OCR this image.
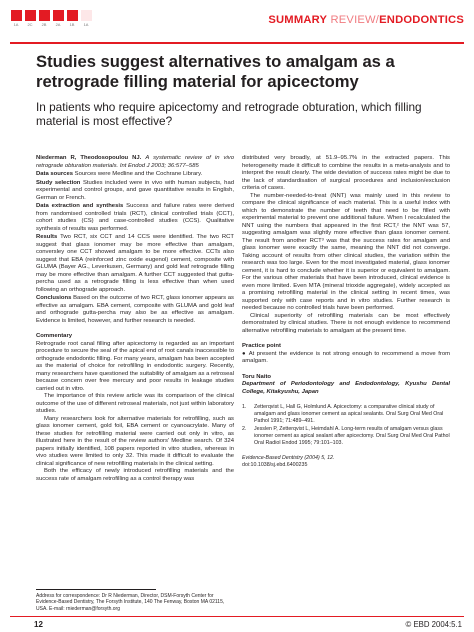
1A 2C 2B 2A 1B 1A	SUMMARY REVIEW/ENDODONTICS
Studies suggest alternatives to amalgam as a retrograde filling material for apicectomy
In patients who require apicectomy and retrograde obturation, which filling material is most effective?

Niederman R, Theodosopoulou NJ. A systematic review of in vivo retrograde obturation materials. Int Endod J 2003; 36:577–585

Data sources Sources were Medline and the Cochrane Library.

Study selection Studies included were in vivo with human subjects, had experimental and control groups, and gave quantitative results in English, German or French.

Data extraction and synthesis Success and failure rates were derived from randomised controlled trials (RCT), clinical controlled trials (CCT), cohort studies (CS) and case-controlled studies (CCS). Qualitative synthesis of results was performed.

Results Two RCT, six CCT and 14 CCS were identified. The two RCT suggest that glass ionomer may be more effective than amalgam, conversley one CCT showed amalgam to be more effective. CCTs also suggest that EBA (reinforced zinc oxide eugenol) cement, composite with GLUMA (Bayer AG., Leverkusen, Germany) and gold leaf retrograde filling may be more effective than amalgam. A further CCT suggested that gutta-percha used as a retrograde filling is less effective than when used following an orthograde approach.

Conclusions Based on the outcome of two RCT, glass ionomer appears as effective as amalgam. EBA cement, composite with GLUMA and gold leaf and orthograde gutta-percha may also be as effective as amalgam. Evidence is limited, however, and further research is needed.

Commentary

Retrograde root canal filling after apicectomy is regarded as an important procedure to secure the seal of the apical end of root canals inaccessible to orthograde endodontic filling. For many years, amalgam has been accepted as the material of choice for retrofilling in endodontic surgery. Recently, many researchers have questioned the suitability of amalgam as a retroseal because concern over free mercury and poor results in leakage studies carried out in vitro.

The importance of this review article was its comparison of the clinical outcome of the use of different retroseal materials, not just within laboratory studies.

Many researchers look for alternative materials for retrofilling, such as glass ionomer cement, gold foil, EBA cement or cyanoacrylate. Many of these studies for retrofilling material were carried out only in vitro, as illustrated here in the result of the review authors' Medline search. Of 324 papers initially identified, 108 papers reported in vitro studies, whereas in vivo studies were limited to only 32. This made it difficult to evaluate the clinical significance of new retrofilling materials in the clinical setting.

Both the efficacy of newly introduced retrofilling materials and the success rate of amalgam retrofilling as a control therapy was

distributed very broadly, at 51.9–95.7% in the extracted papers. This heterogeneity made it difficult to combine the results in a meta-analysis and to interpret the result clearly. The wide deviation of success rates might be due to the lack of standardisation of surgical procedures and inclusion/exclusion criteria of cases.

The number-needed-to-treat (NNT) was mainly used in this review to compare the clinical significance of each material. This is a useful index with which to demonstrate the number of teeth that need to be filled with experimental material to prevent one additional failure. When I recalculated the NNT using the numbers that appeared in the first RCT,² the NNT was 57, suggesting amalgam was slightly more effective than glass ionomer cement. The result from another RCT³ was that the success rates for amalgam and glass ionomer were exactly the same, meaning the NNT did not converge. Taking account of results from other clinical studies, the variation within the research was too large. Even for the most investigated material, glass ionomer cement, it is hard to conclude whether it is superior or equivalent to amalgam. For the various other materials that have been introduced, clinical evidence is even more limited. Even MTA (mineral trioxide aggregate), widely accepted as a promising retrofilling material in the clinical setting in recent times, was supported only with case reports and in vitro studies. Further research is needed because no controlled trials have been performed.

Clinical superiority of retrofilling materials can be most effectively demonstrated by clinical studies. There is not enough evidence to recommend alternative retrofilling materials to amalgam at the present time.

Practice point

● At present the evidence is not strong enough to recommend a move from amalgam.

Toru Naito

Department of Periodontology and Endodontology, Kyushu Dental College, Kitakyushu, Japan

1.	Zetterqvist L, Hall G, Holmlund A. Apicectomy: a comparative clinical study of amalgam and glass ionomer cement as apical sealants. Oral Surg Oral Med Oral Pathol 1991; 71:489–491.
2.	Jesslen P, Zetterqvist L, Heimdahl A. Long-term results of amalgam versus glass ionomer cement as apical sealant after apicectomy. Oral Surg Oral Med Oral Pathol Oral Radiol Endod 1995; 79:101–103.

Evidence-Based Dentistry (2004) 5, 12.

doi:10.1038/sj.ebd.6400235

Address for correspondence: Dr R Niederman, Director, DSM-Forsyth Center for Evidence-Based Dentistry, The Forsyth Institute, 140 The Fenway, Boston MA 02115, USA. E-mail: rniederman@forsyth.org
12	© EBD 2004:5.1
